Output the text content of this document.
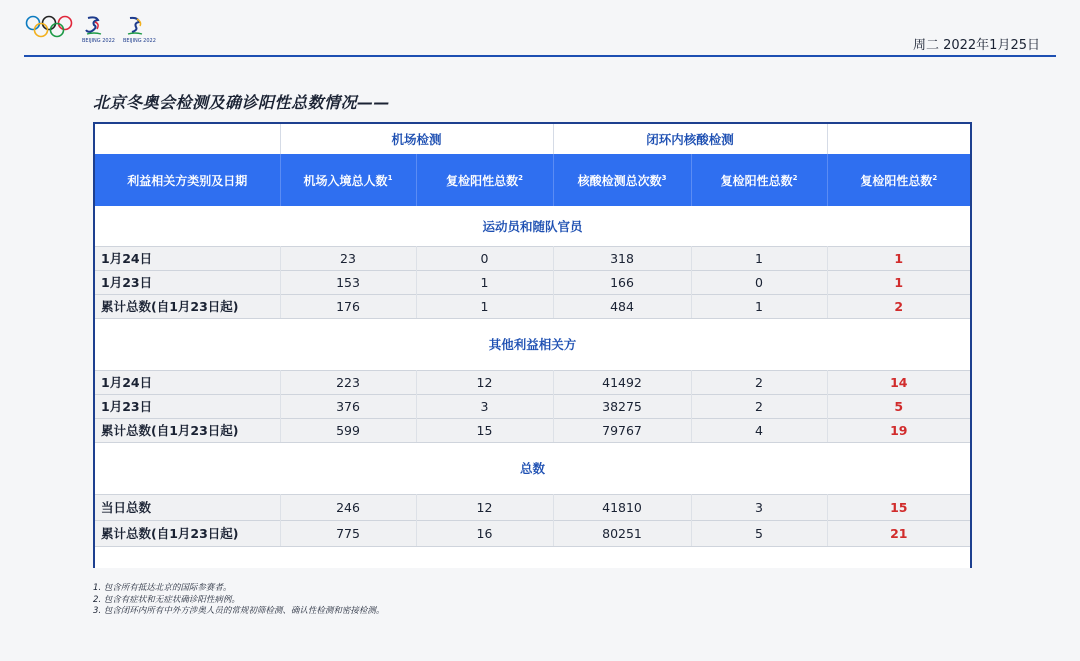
BEIJING 2022 BEIJING 2022	周二 2022年1月25日
北京冬奥会检测及确诊阳性总数情况——
	机场检测		闭环内核酸检测		
利益相关方类别及日期	机场入境总人数$^1$	复检阳性总数$^2$	核酸检测总次数$^3$	复检阳性总数$^2$	复检阳性总数$^2$
运动员和随队官员					
1月24日	23	0	318	1	1
1月23日	153	1	166	0	1
累计总数(自1月23日起)	176	1	484	1	2
其他利益相关方					
1月24日	223	12	41492	2	14
1月23日	376	3	38275	2	5
累计总数(自1月23日起)	599	15	79767	4	19
总数					
当日总数	246	12	41810	3	15
累计总数(自1月23日起)	775	16	80251	5	21

1. 包含所有抵达北京的国际参赛者。
2. 包含有症状和无症状确诊阳性病例。
3. 包含闭环内所有中外方涉奥人员的常规初筛检测、确认性检测和密接检测。
